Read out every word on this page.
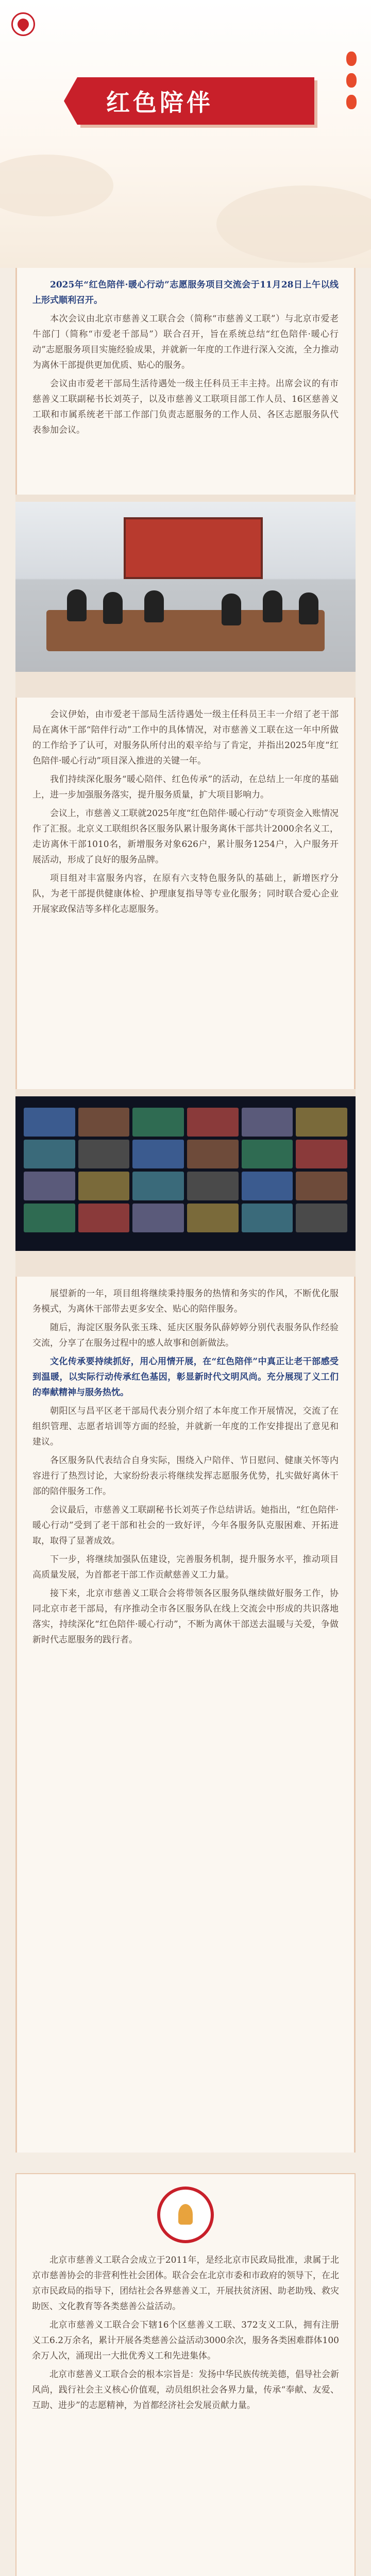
红色陪伴

2025年“红色陪伴·暖心行动”志愿服务项目交流会于11月28日上午以线上形式顺利召开。

本次会议由北京市慈善义工联合会（简称“市慈善义工联”）与北京市爱老牛部门（简称“市爱老千部局”）联合召开，旨在系统总结“红色陪伴·暖心行动”志愿服务项目实施经验成果，并就新一年度的工作进行深入交流，全力推动为离休干部提供更加优质、贴心的服务。

会议由市爱老干部局生活待遇处一级主任科员王丰主持。出席会议的有市慈善义工联副秘书长刘英子，以及市慈善义工联项目部工作人员、16区慈善义工联和市属系统老干部工作部门负责志愿服务的工作人员、各区志愿服务队代表参加会议。

会议伊始，由市爱老干部局生活待遇处一级主任科员王丰一介绍了老干部局在离休干部“陪伴行动”工作中的具体情况，对市慈善义工联在这一年中所做的工作给予了认可，对服务队所付出的艰辛给与了肯定，并指出2025年度“红色陪伴·暖心行动”项目深入推进的关键一年。

我们持续深化服务“暖心陪伴、红色传承”的活动，在总结上一年度的基础上，进一步加强服务落实，提升服务质量，扩大项目影响力。

会议上，市慈善义工联就2025年度“红色陪伴·暖心行动”专项资金入账情况作了汇报。北京义工联组织各区服务队累计服务离休干部共计2000余名义工，走访离休干部1010名，新增服务对象626户，累计服务1254户，入户服务开展活动，形成了良好的服务品牌。

项目组对丰富服务内容，在原有六支特色服务队的基础上，新增医疗分队，为老干部提供健康体检、护理康复指导等专业化服务；同时联合爱心企业开展家政保洁等多样化志愿服务。

展望新的一年，项目组将继续秉持服务的热情和务实的作风，不断优化服务模式，为离休干部带去更多安全、贴心的陪伴服务。

随后，海淀区服务队张玉珠、延庆区服务队薛婷婷分别代表服务队作经验交流，分享了在服务过程中的感人故事和创新做法。

文化传承要持续抓好，用心用情开展，在“红色陪伴”中真正让老干部感受到温暖，以实际行动传承红色基因，彰显新时代文明风尚。充分展现了义工们的奉献精神与服务热忱。

朝阳区与昌平区老干部局代表分别介绍了本年度工作开展情况，交流了在组织管理、志愿者培训等方面的经验，并就新一年度的工作安排提出了意见和建议。

各区服务队代表结合自身实际，围绕入户陪伴、节日慰问、健康关怀等内容进行了热烈讨论，大家纷纷表示将继续发挥志愿服务优势，扎实做好离休干部的陪伴服务工作。

会议最后，市慈善义工联副秘书长刘英子作总结讲话。她指出，“红色陪伴·暖心行动”受到了老干部和社会的一致好评，今年各服务队克服困难、开拓进取，取得了显著成效。

下一步，将继续加强队伍建设，完善服务机制，提升服务水平，推动项目高质量发展，为首都老干部工作贡献慈善义工力量。

接下来，北京市慈善义工联合会将带领各区服务队继续做好服务工作，协同北京市老干部局，有序推动全市各区服务队在线上交流会中形成的共识落地落实，持续深化“红色陪伴·暖心行动”，不断为离休干部送去温暖与关爱，争做新时代志愿服务的践行者。

北京市慈善义工联合会成立于2011年，是经北京市民政局批准，隶属于北京市慈善协会的非营利性社会团体。联合会在北京市委和市政府的领导下，在北京市民政局的指导下，团结社会各界慈善义工，开展扶贫济困、助老助残、救灾助医、文化教育等各类慈善公益活动。

北京市慈善义工联合会下辖16个区慈善义工联、372支义工队，拥有注册义工6.2万余名，累计开展各类慈善公益活动3000余次，服务各类困难群体100余万人次，涌现出一大批优秀义工和先进集体。

北京市慈善义工联合会的根本宗旨是：发扬中华民族传统美德，倡导社会新风尚，践行社会主义核心价值观，动员组织社会各界力量，传承“奉献、友爱、互助、进步”的志愿精神，为首都经济社会发展贡献力量。
